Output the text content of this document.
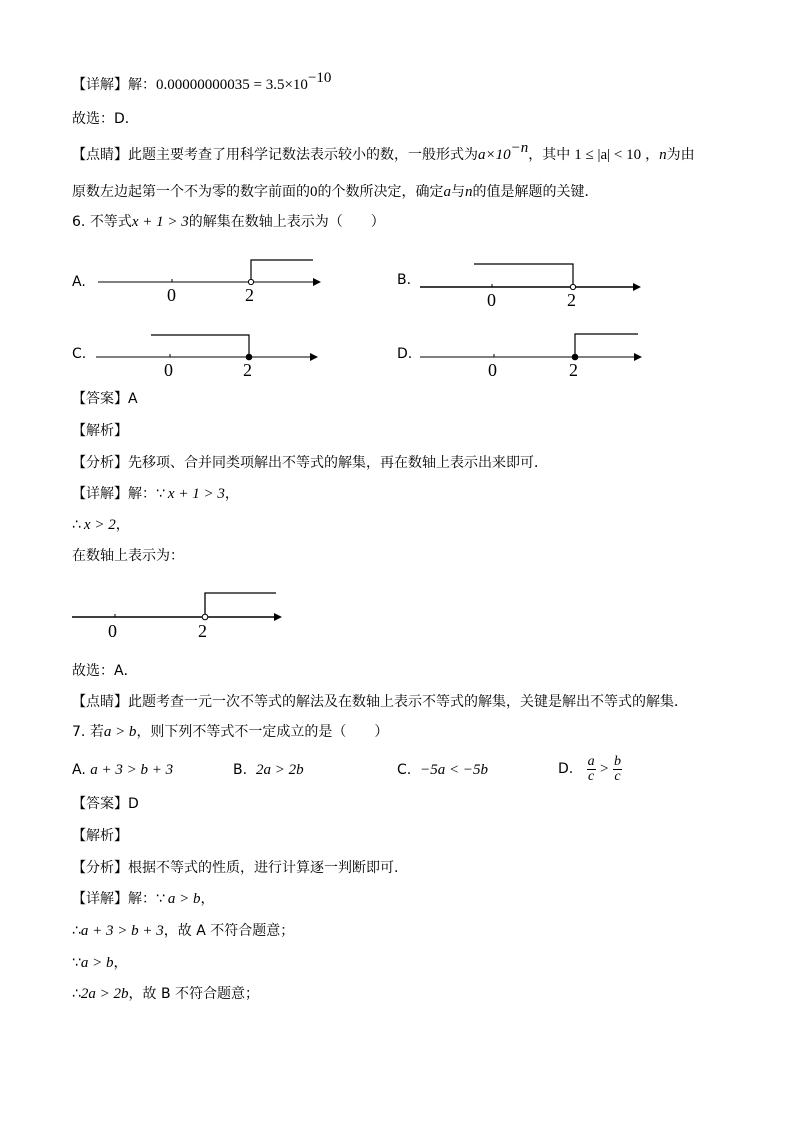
【详解】解：$0.00000000035 = 3.5\times 10^{-10}$
故选：D．
【点睛】此题主要考查了用科学记数法表示较小的数，一般形式为$a\times 10^{-n}$，其中 1 ≤ |a| < 10 ，n为由
原数左边起第一个不为零的数字前面的0的个数所决定，确定a与n的值是解题的关键．
6. 不等式x + 1 > 3的解集在数轴上表示为（　　）
A.
0	2	0	2
0	2	0	2
0	2
B.
C.	D.
【答案】A
【解析】
【分析】先移项、合并同类项解出不等式的解集，再在数轴上表示出来即可．
【详解】解：∵ x + 1 > 3，
∴ x > 2，
在数轴上表示为：
故选：A．
【点睛】此题考查一元一次不等式的解法及在数轴上表示不等式的解集，关键是解出不等式的解集．
7. 若a > b，则下列不等式不一定成立的是（　　）
A. a + 3 > b + 3	B. 2a > 2b	C. −5a < −5b	D. $\frac{a}{c} > \frac{b}{c}$
【答案】D
【解析】
【分析】根据不等式的性质，进行计算逐一判断即可.
【详解】解：∵ a > b，
∴a + 3 > b + 3，故 A 不符合题意；
∵a > b，
∴2a > 2b，故 B 不符合题意；
